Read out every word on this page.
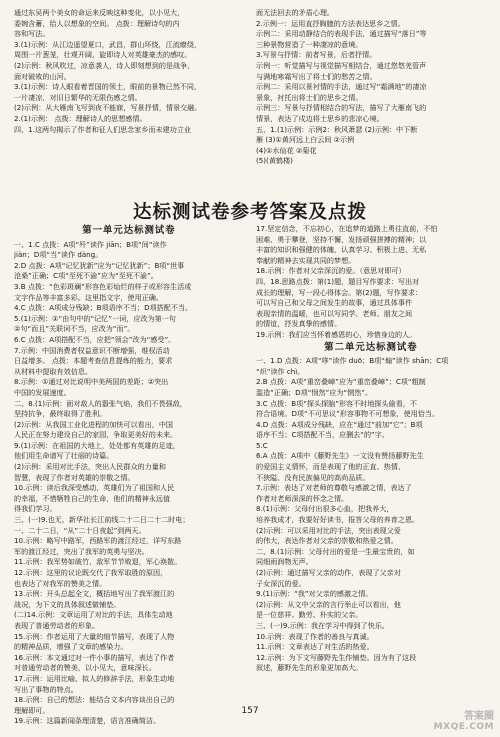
通过东吴两个美女的命运来反映这种变化，以小见大，

委婉含蓄，给人以想象的空间。 点拨：理解诗句的内

容和写法。

3.(1)示例：从江边遥望夏口，武昌，群山环绕，江流缭绕，

周围一片葱茏，壮观开阔，旋即诗人对英雄豪杰的感叹。

(2)示例：秋风吹过，凉意袭人，诗人即刻想到的是战争，

面对破败的山河。

3.(1)示例：诗人眼看着晋国的领土，眼前的景物已然不同，

一片凄凉，对旧日繁华的无限伤感之情。

(2)示例：从大雁南飞写到夜不能寐，写景抒情，情景交融。

2.(1)示例： 点拨：理解诗人的思想感情。

四、1.这两句揭示了作者和征人们思念家乡而未建功立业

面无法回去的矛盾心理。

2.示例一：运用直抒胸臆的方法表达思乡之情。

示例二：采用动静结合的表现手法，通过描写“落日”等

三种景物营造了一种凄凉的意境。

3.写景与抒情：前者写景，后者抒情。

示例一：听觉描写与视觉描写相结合，通过悠悠羌管声

与满地寒霜写出了将士们的愁苦之情。

示例二：采用以景衬情的手法，通过写“霜满地”的凄凉

景象，衬托出将士们的思乡之情。

示例三：写景与抒情相结合的写法，描写了大雁南飞的

情景，表达了戍边将士思乡的悲凉心境。

五、1.(1)示例：示例2：秋风萧瑟 (2)示例：中下断

雁 (3)①黄河远上白云间 ②示例

(4)①水仙花 ②菊花

(5)(黄鹤楼)

达标测试卷参考答案及点拨
第一单元达标测试卷

一、1.C 点拨：A项“歼”读作 jiān；B项“间”读作

jiàn；D项“当”读作 dàng。

2.D 点拨：A项“记忆犹新”应为“记忆犹新”；B项“世事

沧桑”正确；C项“至死不渝”应为“至死不渝”。

3.B 点拨：“色彩斑斓”形容色彩灿烂的样子或形容生活或

文字作品等丰富多彩。这里指文字，使用正确。

4.C 点拨：A项成分残缺；B项语序不当；D项搭配不当。

5.(1)示例：①“由句中的“记忆”一词，应改为第一句

②句“而且”关联词不当，应改为“而”。

6.C 点拨：A项搭配不当，应把“领会”改为“感受”。

7.示例：中国消费者权益意识不断增强，维权活动

日益增多。 点拨：本题考查信息提炼的能力，要求

从材料中提取有效信息。

8.示例：①通过对比说明中美两国的差距；②突出

中国的发展速度。

二、8.(1)示例：面对敌人的嚣张气焰，我们不畏强敌，

坚持抗争，最终取得了胜利。

(2)示例：从我国工业化进程的加快可以看出，中国

人民正在努力建设自己的家园，争取更美好的未来。

9.(1)示例：在祖国的大地上，处处都有英雄的足迹，

他们用生命谱写了壮丽的诗篇。

(2)示例：采用对比手法，突出人民群众的力量和

智慧，表现了作者对英雄的崇敬之情。

10.示例：读后我深受感动，英雄们为了祖国和人民

的幸福，不惜牺牲自己的生命，他们的精神永远值

得我们学习。

三、(一)9.也无，新华社长江前线二十二日二十二时电；

一、二十二日，“从”二十日夜起”到两天。

10.示例：略写中路军，西路军的渡江经过，详写东路

军的渡江经过，突出了我军的英勇与坚决。

11.示例：我军势如破竹，敌军节节败退，军心涣散。

12.示例：这里的议论既交代了我军取胜的原因，

也表达了对我军的赞美之情。

13.示例：开头总起全文，概括地写出了我军渡江的

战况，为下文的具体叙述做铺垫。

(二)14.示例：文章运用了对比的手法，具体生动地

表现了普通劳动者的形象。

15.示例：作者运用了大量的细节描写，表现了人物

的精神品质，增强了文章的感染力。

16.示例：本文通过对一件小事的描写，表达了作者

对普通劳动者的赞美，以小见大，意味深长。

17.示例：运用比喻、拟人的修辞手法，形象生动地

写出了事物的特点。

18.示例：自己的想法：能结合文本内容谈出自己的

理解即可。

19.示例：这篇新闻条理清楚，语言准确简洁。

17.坚定信念，不忘初心，在追梦的道路上勇往直前，不怕

困难、勇于攀登，坚持不懈，发扬顽强拼搏的精神；以

丰富的知识和强健的体魄，认真学习、积极上进、无私

奉献的精神去实现共同的梦想。

18.示例：作者对父亲深沉的爱。（意思对即可）

四、18.思路点拨：第(1)题，题目写作要求：写出对

成长的理解，写一段心得体会。第(2)题，写作要求：

可以写自己和父母之间发生的故事，通过具体事件

表现亲情的温暖，也可以写同学、老师、朋友之间

的情谊，抒发真挚的感情。

19.示例：我们应当怀着感恩的心，珍惜身边的人。

第二单元达标测试卷

一、1.D 点拨：A项“哆”读作 duō；B项“煽”读作 shān；C项

“炽”读作 chì。

2.B 点拨：A项“重峦叠嶂”应为“重峦叠嶂”；C项“粗制

滥造”正确；D项“悯然”应为“惘然”。

3.C 点拨：B项“探头探脑”形容不时地探头偷看，不

符合语境。D项“不可思议”形容事物不可想象，使用恰当。

4.D 点拨：A项成分残缺，应在“通过”前加“它”；B项

语序不当；C项搭配不当，应删去“的”字。

5.C

6.A 点拨：A项中《藤野先生》一文没有赞扬藤野先生

的爱国主义情怀，而是表现了他的正直、热情、

不狭隘、没有民族偏见的高尚品质。

7.示例：表达了对老师的尊敬与感激之情，表达了

作者对老师深深的怀念之情。

8.(1)示例：父母付出很多心血，把我养大，

培养我成才，我要好好读书，报答父母的养育之恩。

(2)示例：可以采用对比的手法，突出表现父爱

的伟大，表达作者对父亲的崇敬和热爱之情。

二、8.(1)示例：父母付出的爱是一生最宝贵的，如

同细雨润物无声。

(2)示例：通过描写父亲的动作，表现了父亲对

子女深沉的爱。

9.(1)示例：“我”对父亲的感激之情。

(2)示例：从文中父亲的言行举止可以看出，他

是一位慈祥、勤劳、朴实的父亲。

三、(一)9.示例：我在学习中得到了快乐。

10.示例：表现了作者的善良与真诚。

11.示例：文章表达了对生活的热爱。

12.示例：为下文写藤野先生作铺垫。因为有了这段

叙述，藤野先生的形象更加高大。

157	答案圈
MXQE.COM
